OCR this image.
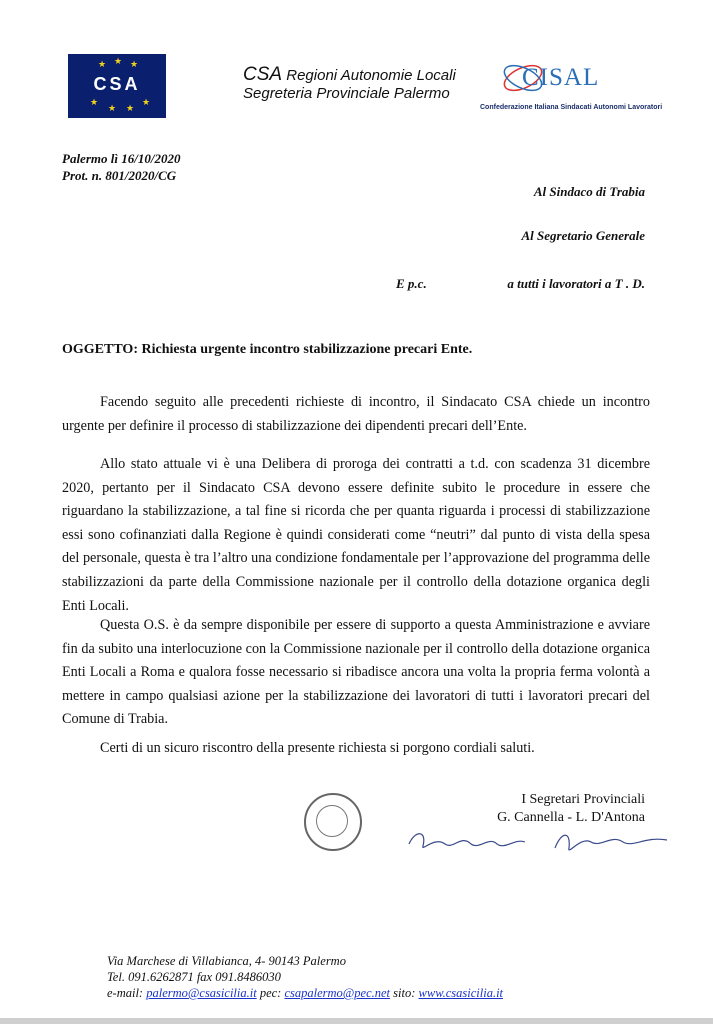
★ ★ ★
★
★ ★
★
CSA	CSA Regioni Autonomie Locali
Segreteria Provinciale Palermo
CISAL
Confederazione Italiana Sindacati Autonomi Lavoratori
Palermo lì 16/10/2020
Prot. n. 801/2020/CG
Al Sindaco di Trabia
Al Segretario Generale
E p.c.	a tutti i lavoratori a T . D.
OGGETTO: Richiesta urgente incontro stabilizzazione precari Ente.

Facendo seguito alle precedenti richieste di incontro, il Sindacato CSA chiede un incontro urgente per definire il processo di stabilizzazione dei dipendenti precari dell’Ente.

Allo stato attuale vi è una Delibera di proroga dei contratti a t.d. con scadenza 31 dicembre 2020, pertanto per il Sindacato CSA devono essere definite subito le procedure in essere che riguardano la stabilizzazione, a tal fine si ricorda che per quanta riguarda i processi di stabilizzazione essi sono cofinanziati dalla Regione è quindi considerati come “neutri” dal punto di vista della spesa del personale, questa è tra l’altro una condizione fondamentale per l’approvazione del programma delle stabilizzazioni da parte della Commissione nazionale per il controllo della dotazione organica degli Enti Locali.

Questa O.S. è da sempre disponibile per essere di supporto a questa Amministrazione e avviare fin da subito una interlocuzione con la Commissione nazionale per il controllo della dotazione organica Enti Locali a Roma e qualora fosse necessario si ribadisce ancora una volta la propria ferma volontà a mettere in campo qualsiasi azione per la stabilizzazione dei lavoratori di tutti i lavoratori precari del Comune di Trabia.

Certi di un sicuro riscontro della presente richiesta si porgono cordiali saluti.

I Segretari Provinciali
G. Cannella - L. D'Antona
Via Marchese di Villabianca, 4- 90143 Palermo
Tel. 091.6262871 fax 091.8486030
e-mail: palermo@csasicilia.it pec: csapalermo@pec.net sito: www.csasicilia.it
